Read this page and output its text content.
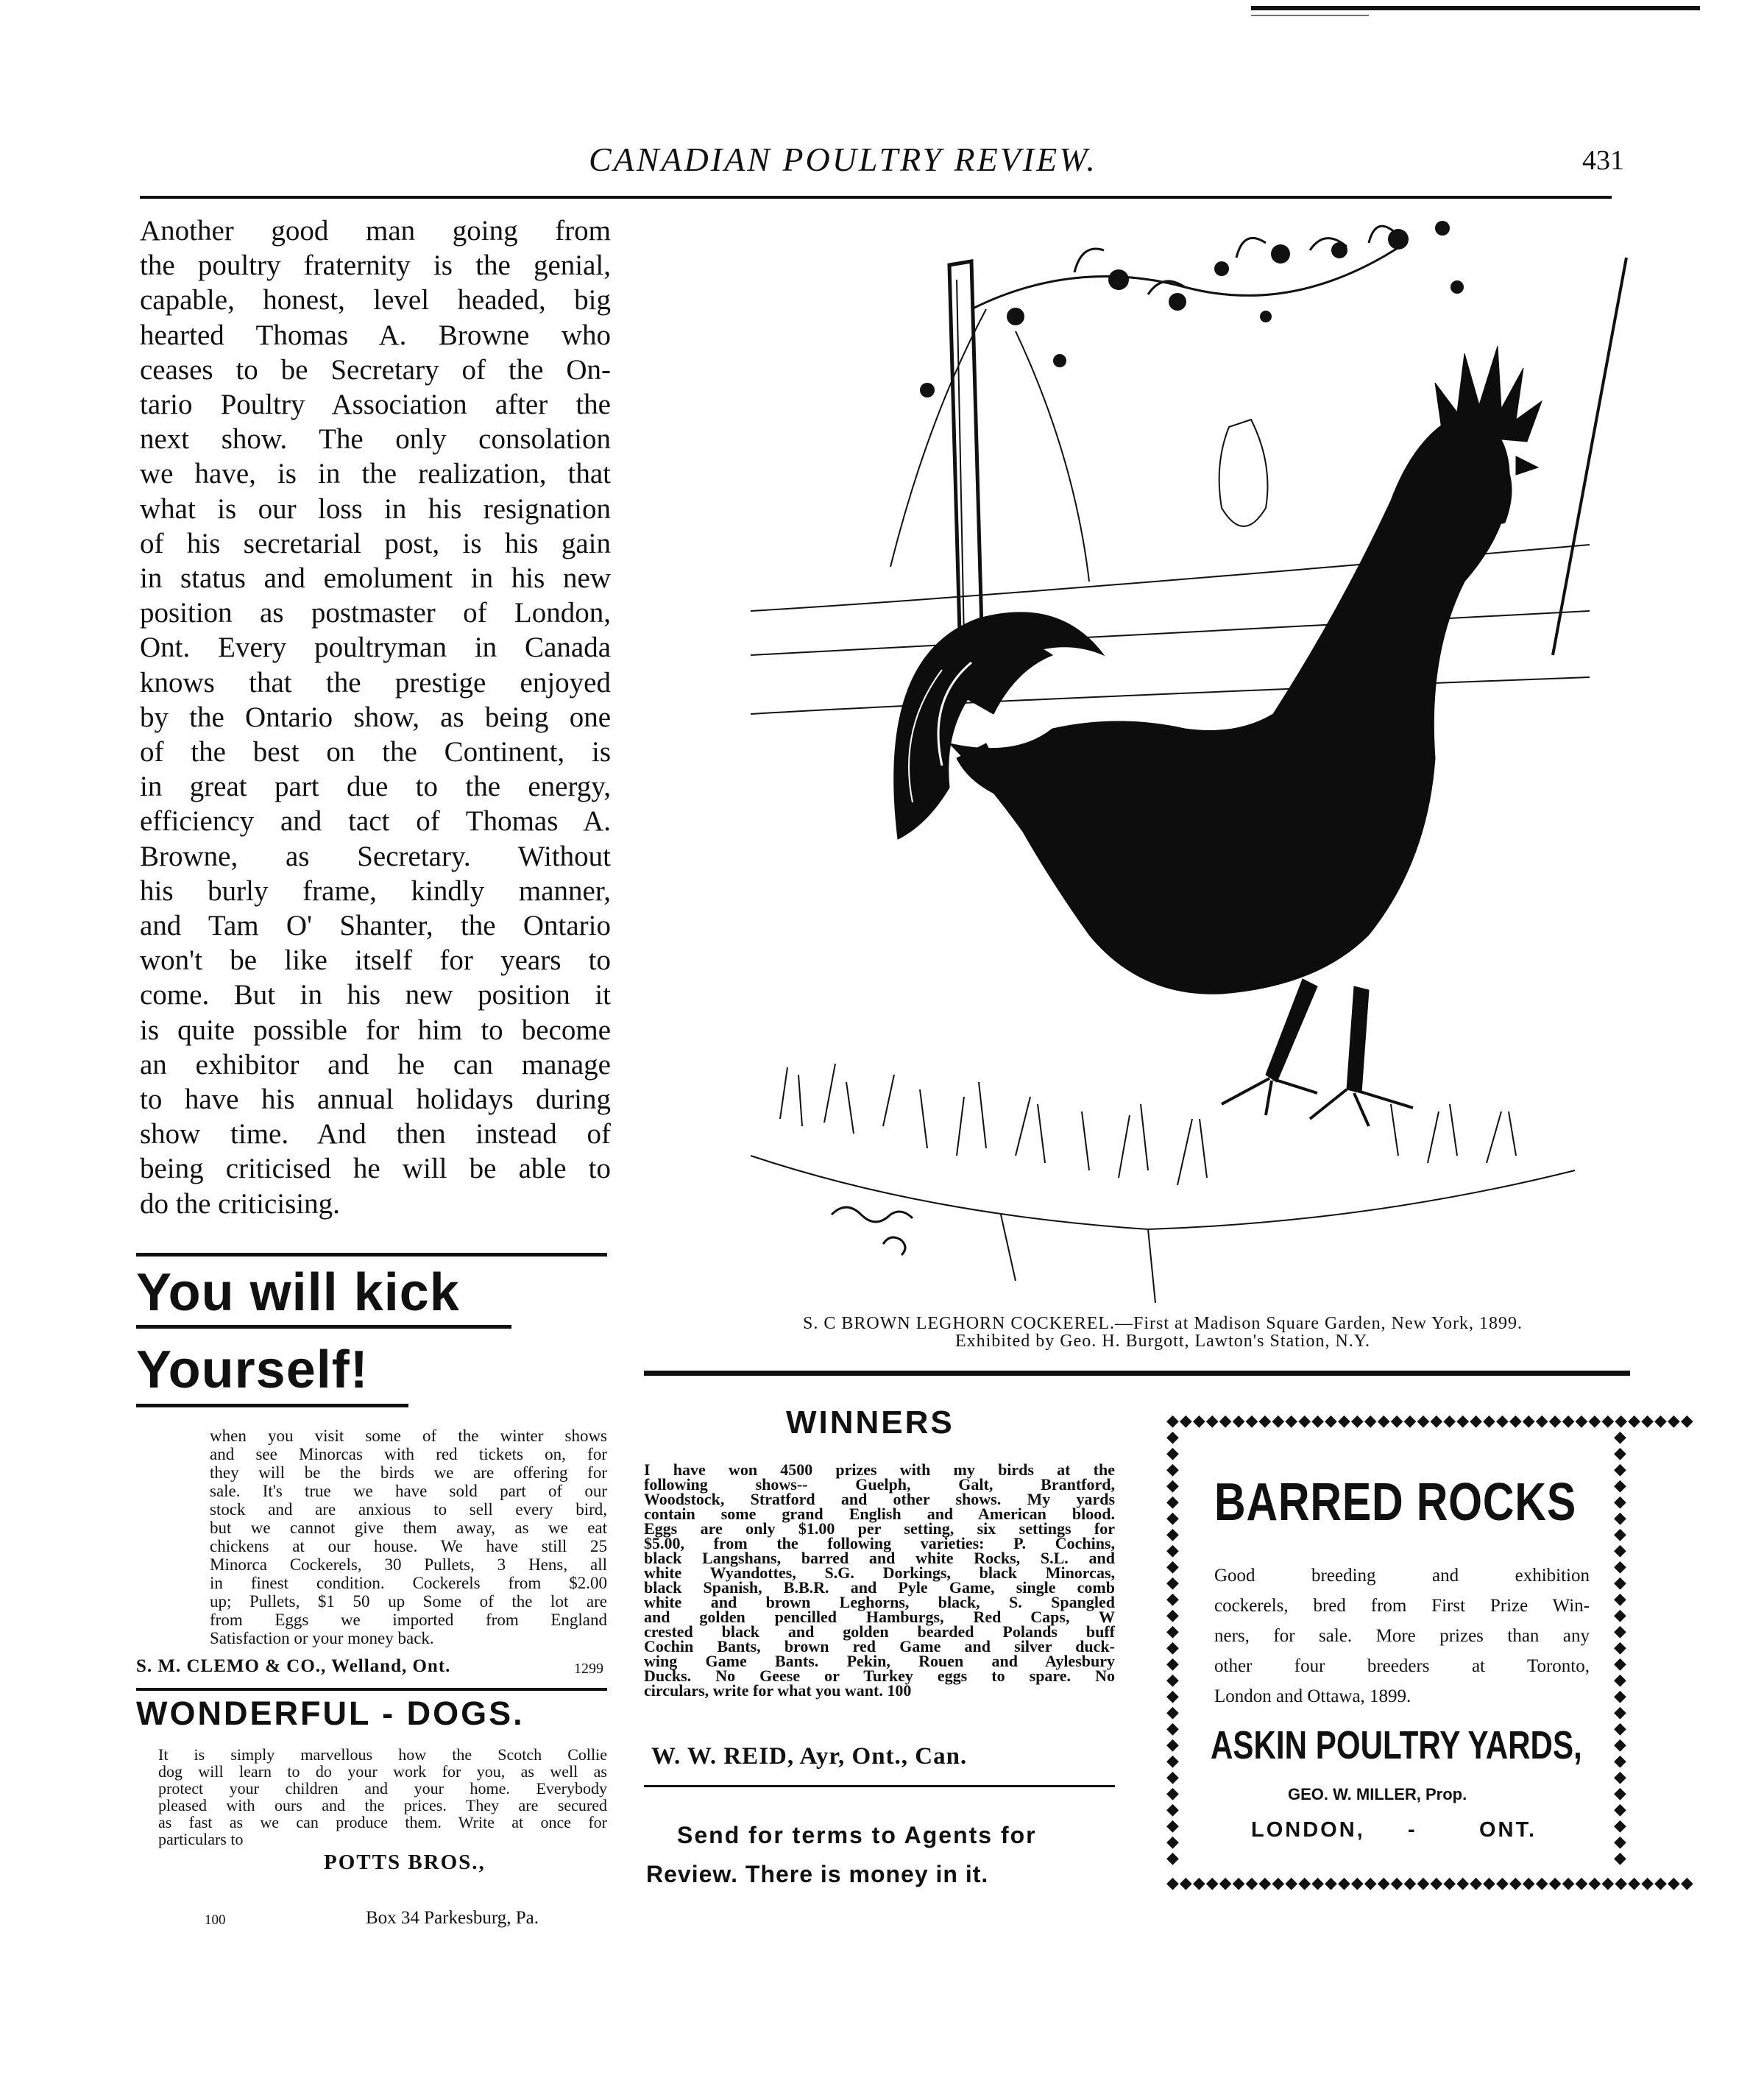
CANADIAN POULTRY REVIEW.	431
Another good man going from
the poultry fraternity is the genial,
capable, honest, level headed, big
hearted Thomas A. Browne who
ceases to be Secretary of the On-
tario Poultry Association after the
next show. The only consolation
we have, is in the realization, that
what is our loss in his resignation
of his secretarial post, is his gain
in status and emolument in his new
position as postmaster of London,
Ont. Every poultryman in Canada
knows that the prestige enjoyed
by the Ontario show, as being one
of the best on the Continent, is
in great part due to the energy,
efficiency and tact of Thomas A.
Browne, as Secretary. Without
his burly frame, kindly manner,
and Tam O' Shanter, the Ontario
won't be like itself for years to
come. But in his new position it
is quite possible for him to become
an exhibitor and he can manage
to have his annual holidays during
show time. And then instead of
being criticised he will be able to
do the criticising.
You will kick
Yourself!
when you visit some of the winter shows
and see Minorcas with red tickets on, for
they will be the birds we are offering for
sale. It's true we have sold part of our
stock and are anxious to sell every bird,
but we cannot give them away, as we eat
chickens at our house. We have still 25
Minorca Cockerels, 30 Pullets, 3 Hens, all
in finest condition. Cockerels from $2.00
up; Pullets, $1 50 up Some of the lot are
from Eggs we imported from England
Satisfaction or your money back.
S. M. CLEMO & CO., Welland, Ont.	1299
WONDERFUL - DOGS.
It is simply marvellous how the Scotch Collie
dog will learn to do your work for you, as well as
protect your children and your home. Everybody
pleased with ours and the prices. They are secured
as fast as we can produce them. Write at once for
particulars to
POTTS BROS.,
100	Box 34 Parkesburg, Pa.
S. C BROWN LEGHORN COCKEREL.—First at Madison Square Garden, New York, 1899.
Exhibited by Geo. H. Burgott, Lawton's Station, N.Y.
WINNERS
I have won 4500 prizes with my birds at the
following shows-- Guelph, Galt, Brantford,
Woodstock, Stratford and other shows. My yards
contain some grand English and American blood.
Eggs are only $1.00 per setting, six settings for
$5.00, from the following varieties: P. Cochins,
black Langshans, barred and white Rocks, S.L. and
white Wyandottes, S.G. Dorkings, black Minorcas,
black Spanish, B.B.R. and Pyle Game, single comb
white and brown Leghorns, black, S. Spangled
and golden pencilled Hamburgs, Red Caps, W
crested black and golden bearded Polands buff
Cochin Bants, brown red Game and silver duck-
wing Game Bants. Pekin, Rouen and Aylesbury
Ducks. No Geese or Turkey eggs to spare. No
circulars, write for what you want. 100
W. W. REID, Ayr, Ont., Can.
Send for terms to Agents for
Review. There is money in it.
◆◆◆◆◆◆◆◆◆◆◆◆◆◆◆◆◆◆◆◆◆◆◆◆◆◆◆◆◆◆◆◆◆◆◆◆◆◆◆◆
◆◆◆◆◆◆◆◆◆◆◆◆◆◆◆◆◆◆◆◆◆◆◆◆◆◆◆◆◆◆◆◆◆◆◆◆◆◆◆◆
◆ ◆ ◆ ◆ ◆ ◆ ◆ ◆ ◆ ◆ ◆ ◆ ◆ ◆ ◆ ◆ ◆ ◆ ◆ ◆ ◆ ◆ ◆ ◆ ◆ ◆ ◆
◆ ◆ ◆ ◆ ◆ ◆ ◆ ◆ ◆ ◆ ◆ ◆ ◆ ◆ ◆ ◆ ◆ ◆ ◆ ◆ ◆ ◆ ◆ ◆ ◆ ◆ ◆
BARRED ROCKS
Good breeding and exhibition
cockerels, bred from First Prize Win-
ners, for sale. More prizes than any
other four breeders at Toronto,
London and Ottawa, 1899.
ASKIN POULTRY YARDS,
GEO. W. MILLER, Prop.
LONDON, -	ONT.
